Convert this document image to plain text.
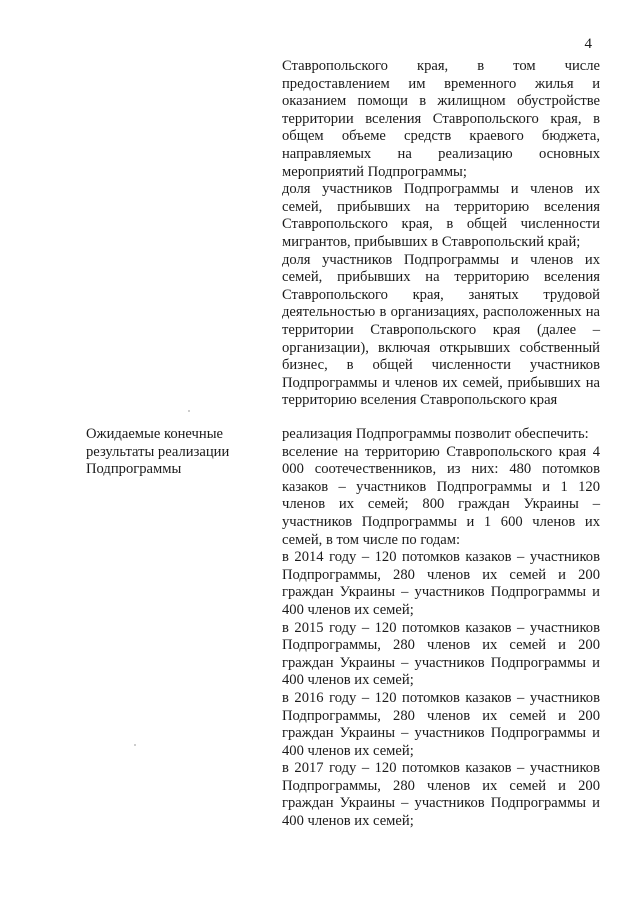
4

Ставропольского края, в том числе предоставлением им временного жилья и оказанием помощи в жилищном обустройстве территории вселения Ставропольского края, в общем объеме средств краевого бюджета, направляемых на реализацию основных мероприятий Подпрограммы;

доля участников Подпрограммы и членов их семей, прибывших на территорию вселения Ставропольского края, в общей численности мигрантов, прибывших в Ставропольский край;

доля участников Подпрограммы и членов их семей, прибывших на территорию вселения Ставропольского края, занятых трудовой деятельностью в организациях, расположенных на территории Ставропольского края (далее – организации), включая открывших собственный бизнес, в общей численности участников Подпрограммы и членов их семей, прибывших на территорию вселения Ставропольского края

Ожидаемые конечные результаты реализации Подпрограммы

реализация Подпрограммы позволит обеспечить:

вселение на территорию Ставропольского края 4 000 соотечественников, из них: 480 потомков казаков – участников Подпрограммы и 1 120 членов их семей; 800 граждан Украины – участников Подпрограммы и 1 600 членов их семей, в том числе по годам:

в 2014 году – 120 потомков казаков – участников Подпрограммы, 280 членов их семей и 200 граждан Украины – участников Подпрограммы и 400 членов их семей;

в 2015 году – 120 потомков казаков – участников Подпрограммы, 280 членов их семей и 200 граждан Украины – участников Подпрограммы и 400 членов их семей;

в 2016 году – 120 потомков казаков – участников Подпрограммы, 280 членов их семей и 200 граждан Украины – участников Подпрограммы и 400 членов их семей;

в 2017 году – 120 потомков казаков – участников Подпрограммы, 280 членов их семей и 200 граждан Украины – участников Подпрограммы и 400 членов их семей;
